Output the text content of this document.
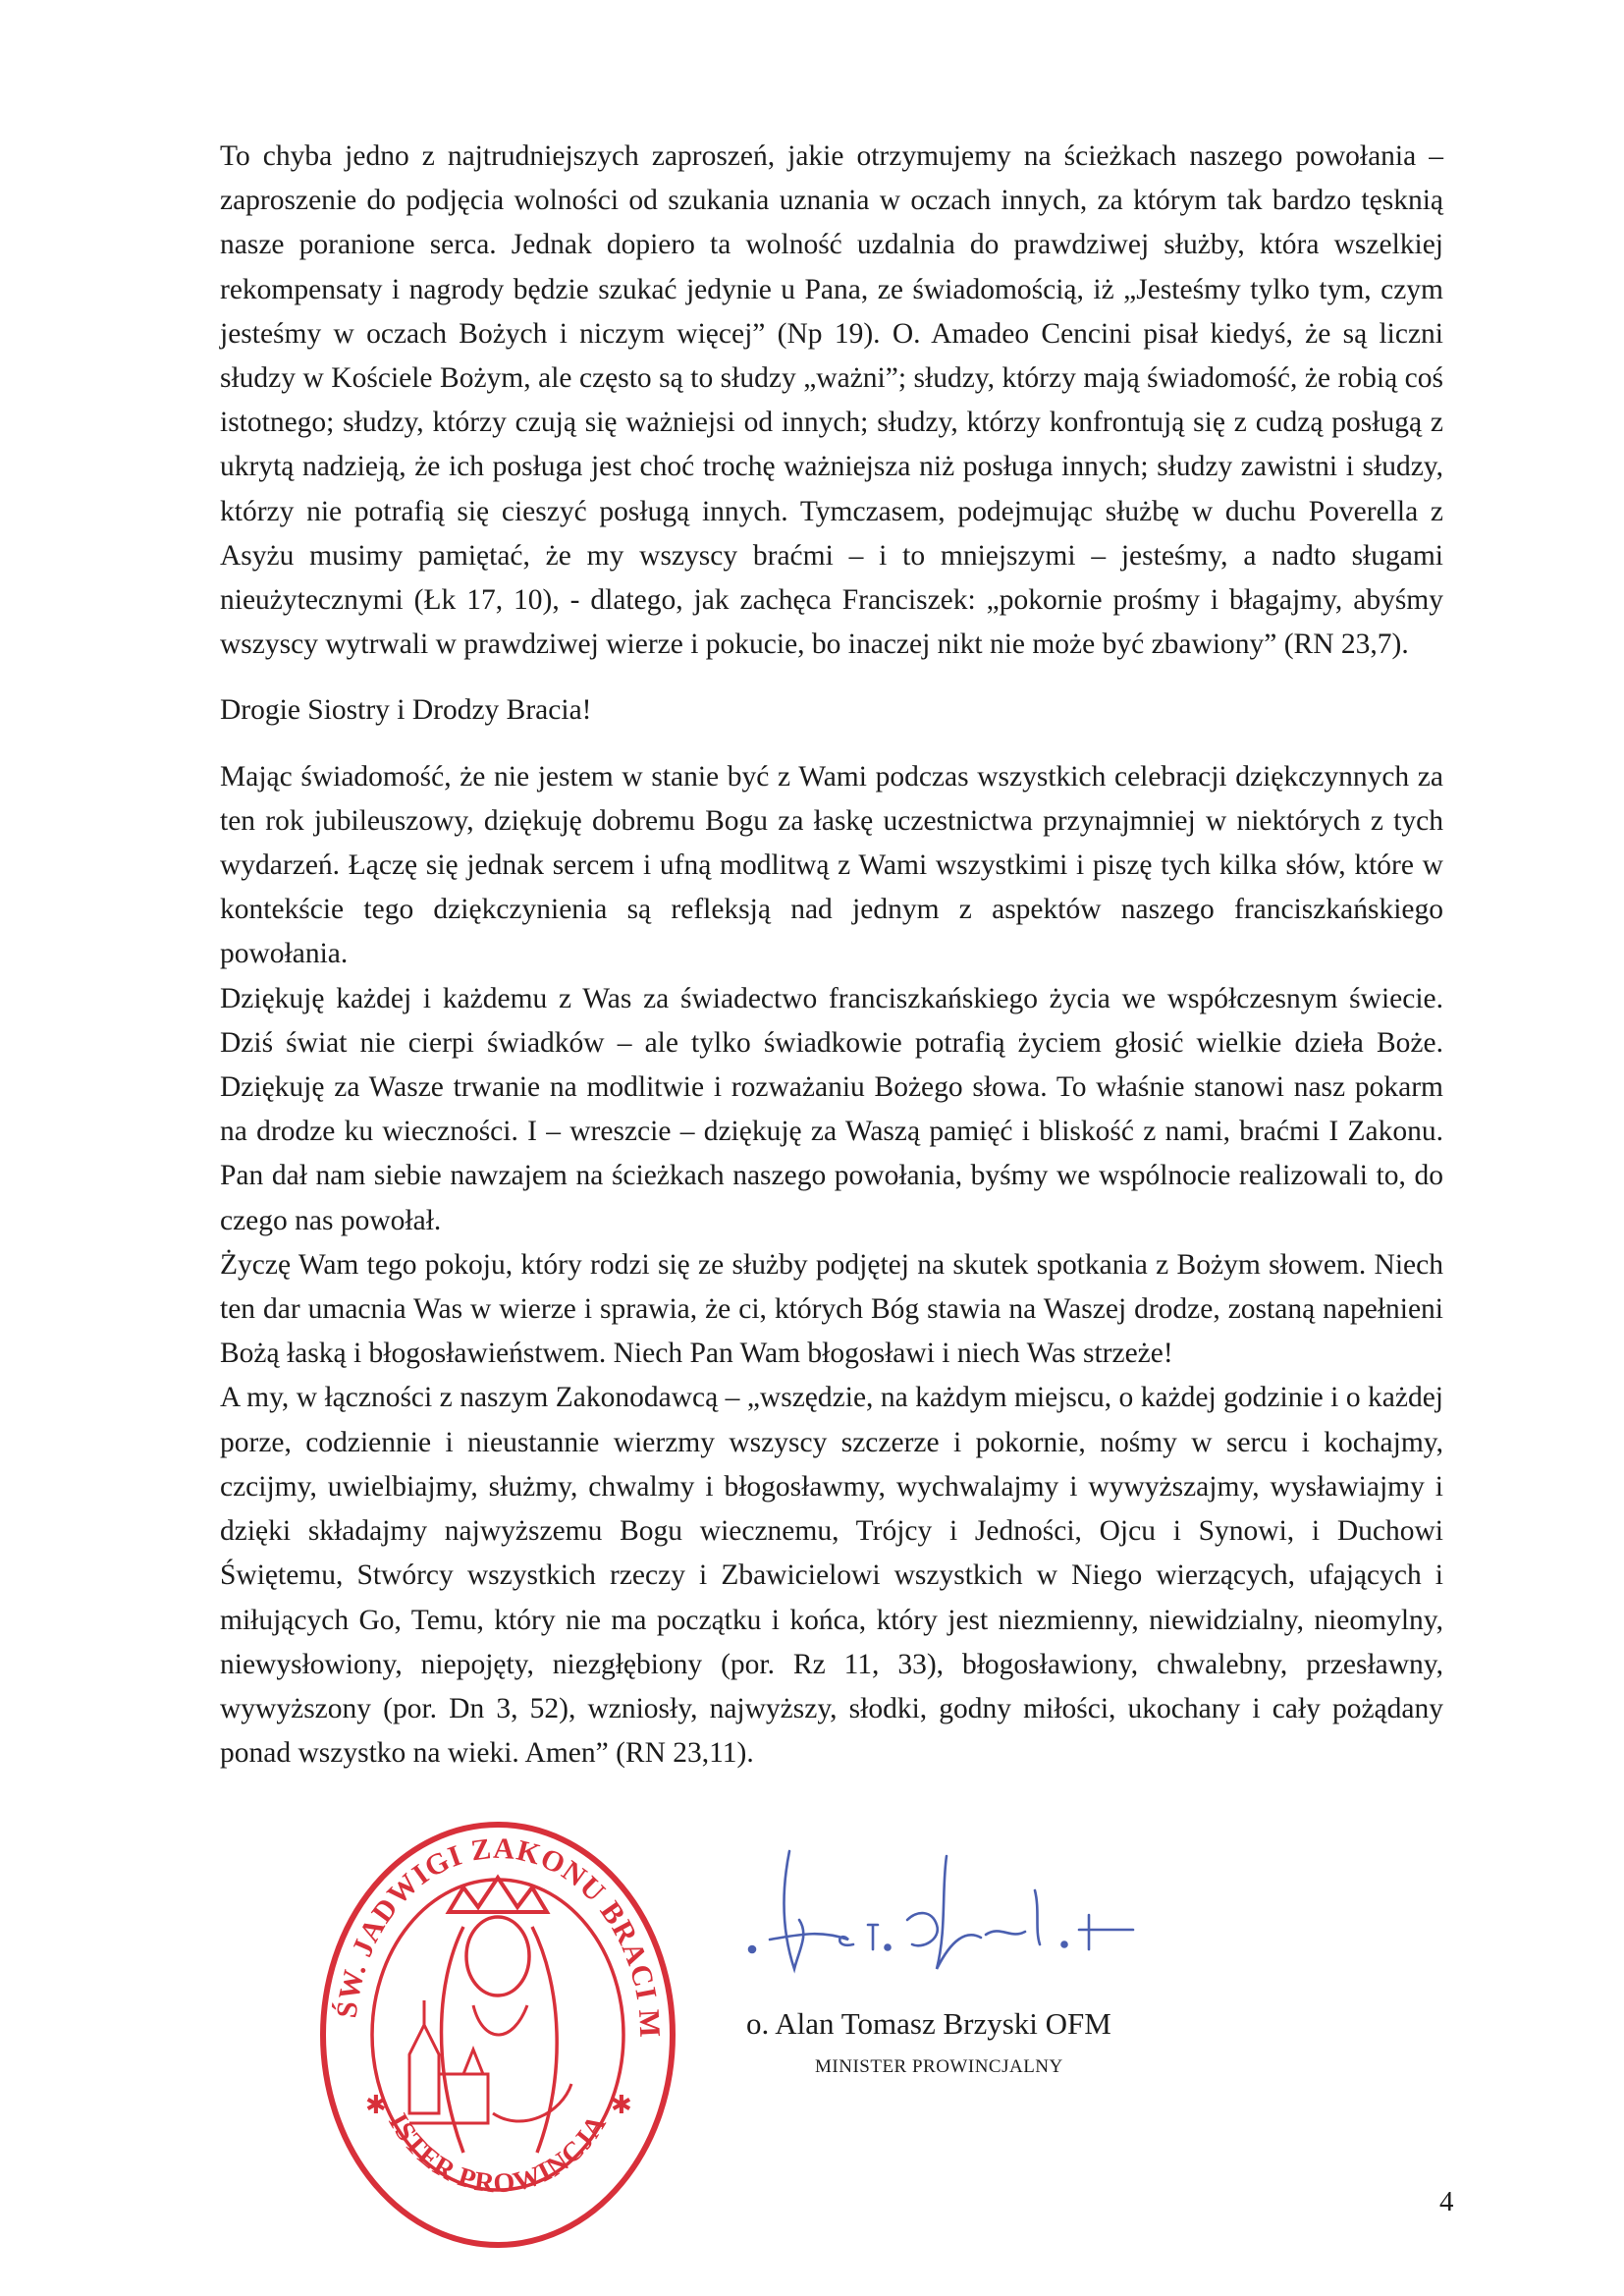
To chyba jedno z najtrudniejszych zaproszeń, jakie otrzymujemy na ścieżkach naszego powołania – zaproszenie do podjęcia wolności od szukania uznania w oczach innych, za którym tak bardzo tęsknią nasze poranione serca. Jednak dopiero ta wolność uzdalnia do prawdziwej służby, która wszelkiej rekompensaty i nagrody będzie szukać jedynie u Pana, ze świadomością, iż „Jesteśmy tylko tym, czym jesteśmy w oczach Bożych i niczym więcej” (Np 19). O. Amadeo Cencini pisał kiedyś, że są liczni słudzy w Kościele Bożym, ale często są to słudzy „ważni”; słudzy, którzy mają świadomość, że robią coś istotnego; słudzy, którzy czują się ważniejsi od innych; słudzy, którzy konfrontują się z cudzą posługą z ukrytą nadzieją, że ich posługa jest choć trochę ważniejsza niż posługa innych; słudzy zawistni i słudzy, którzy nie potrafią się cieszyć posługą innych. Tymczasem, podejmując służbę w duchu Poverella z Asyżu musimy pamiętać, że my wszyscy braćmi – i to mniejszymi – jesteśmy, a nadto sługami nieużytecznymi (Łk 17, 10), - dlatego, jak zachęca Franciszek: „pokornie prośmy i błagajmy, abyśmy wszyscy wytrwali w prawdziwej wierze i pokucie, bo inaczej nikt nie może być zbawiony” (RN 23,7).

Drogie Siostry i Drodzy Bracia!

Mając świadomość, że nie jestem w stanie być z Wami podczas wszystkich celebracji dziękczynnych za ten rok jubileuszowy, dziękuję dobremu Bogu za łaskę uczestnictwa przynajmniej w niektórych z tych wydarzeń. Łączę się jednak sercem i ufną modlitwą z Wami wszystkimi i piszę tych kilka słów, które w kontekście tego dziękczynienia są refleksją nad jednym z aspektów naszego franciszkańskiego powołania.

Dziękuję każdej i każdemu z Was za świadectwo franciszkańskiego życia we współczesnym świecie. Dziś świat nie cierpi świadków – ale tylko świadkowie potrafią życiem głosić wielkie dzieła Boże. Dziękuję za Wasze trwanie na modlitwie i rozważaniu Bożego słowa. To właśnie stanowi nasz pokarm na drodze ku wieczności. I – wreszcie – dziękuję za Waszą pamięć i bliskość z nami, braćmi I Zakonu. Pan dał nam siebie nawzajem na ścieżkach naszego powołania, byśmy we wspólnocie realizowali to, do czego nas powołał.

Życzę Wam tego pokoju, który rodzi się ze służby podjętej na skutek spotkania z Bożym słowem. Niech ten dar umacnia Was w wierze i sprawia, że ci, których Bóg stawia na Waszej drodze, zostaną napełnieni Bożą łaską i błogosławieństwem. Niech Pan Wam błogosławi i niech Was strzeże!

A my, w łączności z naszym Zakonodawcą – „wszędzie, na każdym miejscu, o każdej godzinie i o każdej porze, codziennie i nieustannie wierzmy wszyscy szczerze i pokornie, nośmy w sercu i kochajmy, czcijmy, uwielbiajmy, służmy, chwalmy i błogosławmy, wychwalajmy i wywyższajmy, wysławiajmy i dzięki składajmy najwyższemu Bogu wiecznemu, Trójcy i Jedności, Ojcu i Synowi, i Duchowi Świętemu, Stwórcy wszystkich rzeczy i Zbawicielowi wszystkich w Niego wierzących, ufających i miłujących Go, Temu, który nie ma początku i końca, który jest niezmienny, niewidzialny, nieomylny, niewysłowiony, niepojęty, niezgłębiony (por. Rz 11, 33), błogosławiony, chwalebny, przesławny, wywyższony (por. Dn 3, 52), wzniosły, najwyższy, słodki, godny miłości, ukochany i cały pożądany ponad wszystko na wieki. Amen” (RN 23,11).

ŚW. JADWIGI ZAKONU BRACI M
ISTER PROWINCJA
✱	✱
o. Alan Tomasz Brzyski OFM
MINISTER PROWINCJALNY
4
